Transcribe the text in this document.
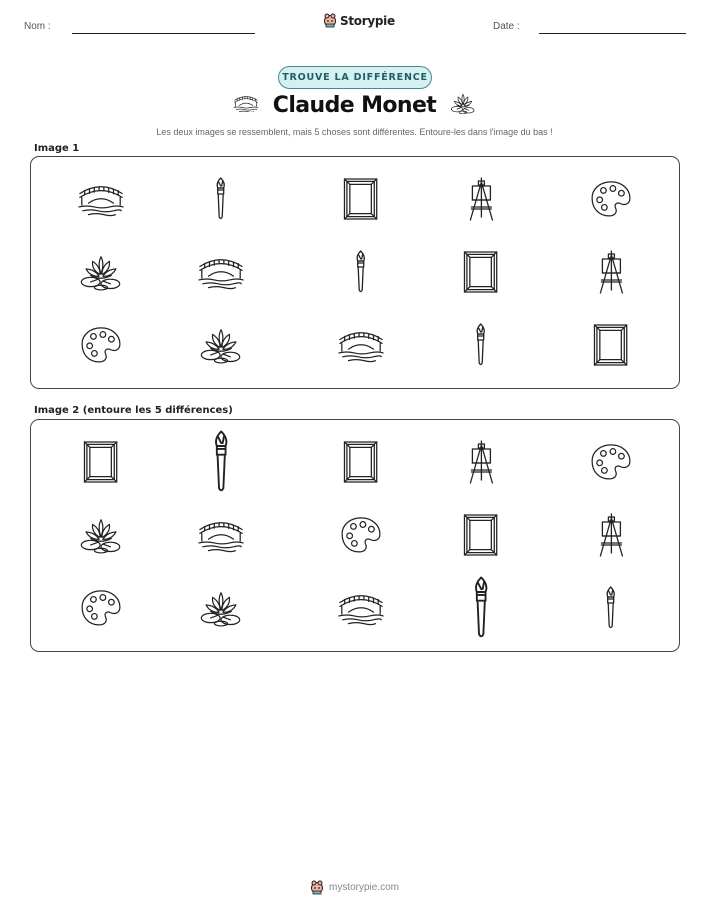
Nom :	Storypie	Date :
TROUVE LA DIFFÉRENCE
Claude Monet
Les deux images se ressemblent, mais 5 choses sont différentes. Entoure-les dans l'image du bas !
Image 1
Image 2 (entoure les 5 différences)
mystorypie.com
